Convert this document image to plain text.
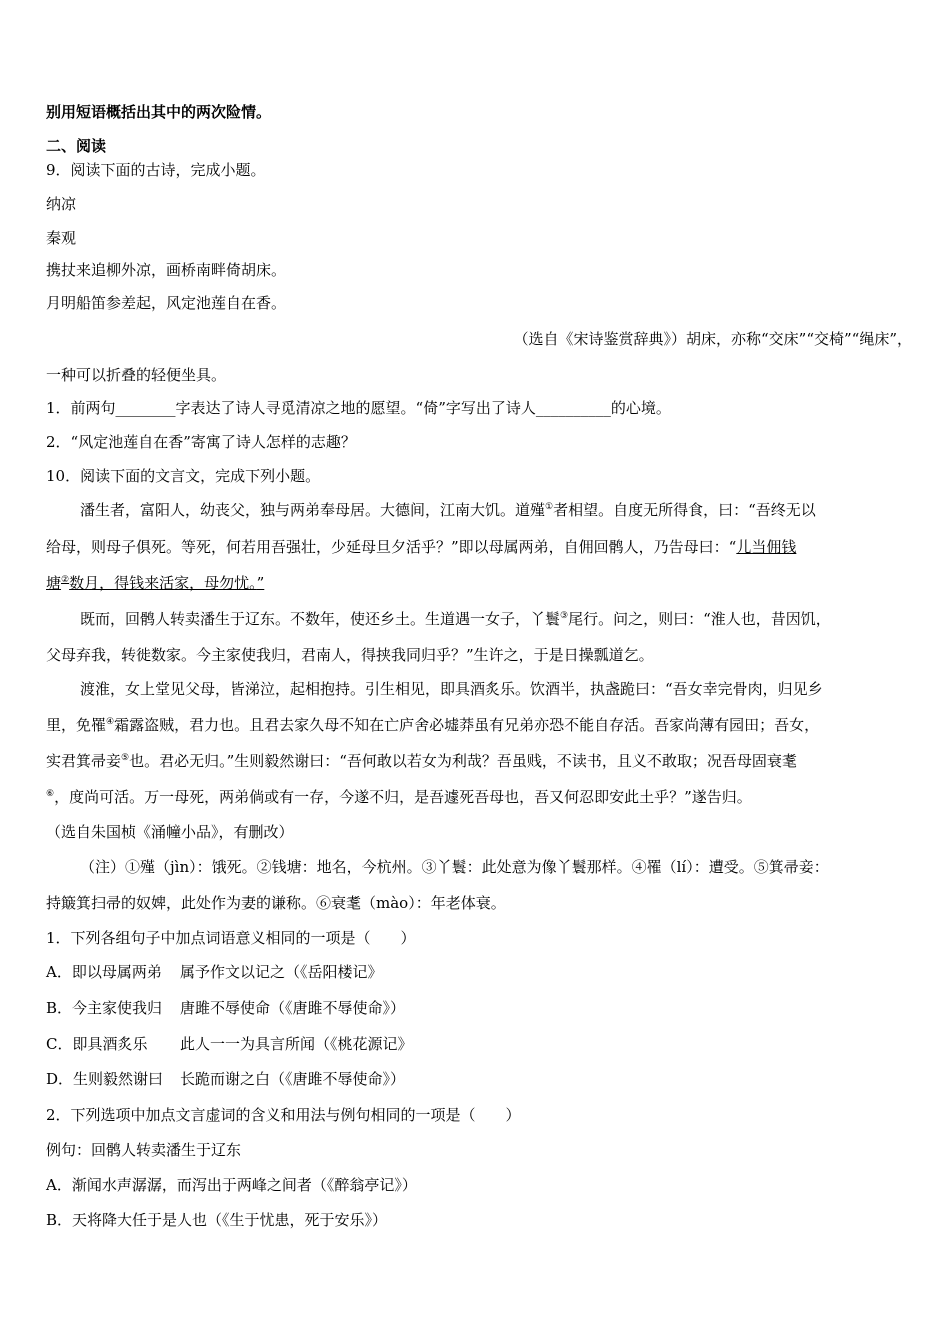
别用短语概括出其中的两次险情。
二、阅读
9．阅读下面的古诗，完成小题。
纳凉
秦观
携扙来追柳外凉，画桥南畔倚胡床。
月明船笛参差起，风定池莲自在香。
（选自《宋诗鉴赏辞典》）胡床，亦称“交床”“交椅”“绳床”，
一种可以折叠的轻便坐具。
1．前两句________字表达了诗人寻觅清凉之地的愿望。“倚”字写出了诗人__________的心境。
2．“风定池莲自在香”寄寓了诗人怎样的志趣？
10．阅读下面的文言文，完成下列小题。
潘生者，富阳人，幼丧父，独与两弟奉母居。大德间，江南大饥。道殣①者相望。自度无所得食，曰：“吾终无以
给母，则母子俱死。等死，何若用吾强壮，少延母旦夕活乎？”即以母属两弟，自佣回鹘人，乃告母曰：“儿当佣钱
塘②数月，得钱来活家，母勿忧。”
既而，回鹘人转卖潘生于辽东。不数年，使还乡土。生道遇一女子，丫鬟③尾行。问之，则曰：“淮人也，昔因饥，
父母弃我，转徙数家。今主家使我归，君南人，得挟我同归乎？”生许之，于是日操瓢道乞。
渡淮，女上堂见父母，皆涕泣，起相抱持。引生相见，即具酒炙乐。饮酒半，执盏跪曰：“吾女幸完骨肉，归见乡
里，免罹④霜露盗贼，君力也。且君去家久母不知在亡庐舍必墟莽虽有兄弟亦恐不能自存活。吾家尚薄有园田；吾女，
实君箕帚妾⑤也。君必无归。”生则毅然谢曰：“吾何敢以若女为利哉？吾虽贱，不读书，且义不敢取；况吾母固衰耄
⑥，度尚可活。万一母死，两弟倘或有一存，今遂不归，是吾遽死吾母也，吾又何忍即安此土乎？”遂告归。
（选自朱国桢《涌幢小品》，有删改）
（注）①殣（jìn）：饿死。②钱塘：地名，今杭州。③丫鬟：此处意为像丫鬟那样。④罹（lí）：遭受。⑤箕帚妾：
持簸箕扫帚的奴婢，此处作为妻的谦称。⑥衰耄（mào）：年老体衰。
1．下列各组句子中加点词语意义相同的一项是（　　）
A．即以母属两弟 属予作文以记之（《岳阳楼记》
B．今主家使我归 唐雎不辱使命（《唐雎不辱使命》）
C．即具酒炙乐 此人一一为具言所闻（《桃花源记》
D．生则毅然谢曰 长跪而谢之白（《唐雎不辱使命》）
2．下列选项中加点文言虚词的含义和用法与例句相同的一项是（　　）
例句：回鹘人转卖潘生于辽东
A．渐闻水声潺潺，而泻出于两峰之间者（《醉翁亭记》）
B．天将降大任于是人也（《生于忧患，死于安乐》）
